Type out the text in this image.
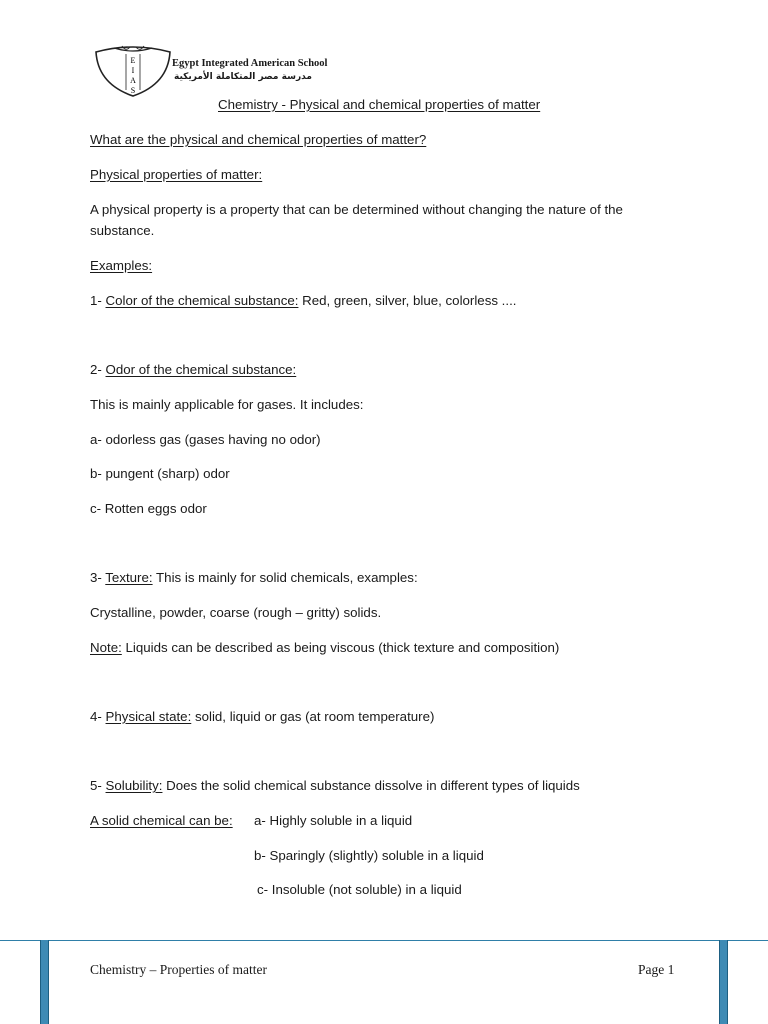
E
I
A
S
Egypt Integrated American School
مدرسة مصر المتكاملة الأمريكية
Chemistry - Physical and chemical properties of matter
What are the physical and chemical properties of matter?
Physical properties of matter:
A physical property is a property that can be determined without changing the nature of the
substance.
Examples:
1- Color of the chemical substance: Red, green, silver, blue, colorless ....
2- Odor of the chemical substance:
This is mainly applicable for gases. It includes:
a- odorless gas (gases having no odor)
b- pungent (sharp) odor
c- Rotten eggs odor
3- Texture: This is mainly for solid chemicals, examples:
Crystalline, powder, coarse (rough – gritty) solids.
Note: Liquids can be described as being viscous (thick texture and composition)
4- Physical state: solid, liquid or gas (at room temperature)
5- Solubility: Does the solid chemical substance dissolve in different types of liquids
A solid chemical can be: a- Highly soluble in a liquid
b- Sparingly (slightly) soluble in a liquid
c- Insoluble (not soluble) in a liquid
Chemistry – Properties of matter	Page 1
